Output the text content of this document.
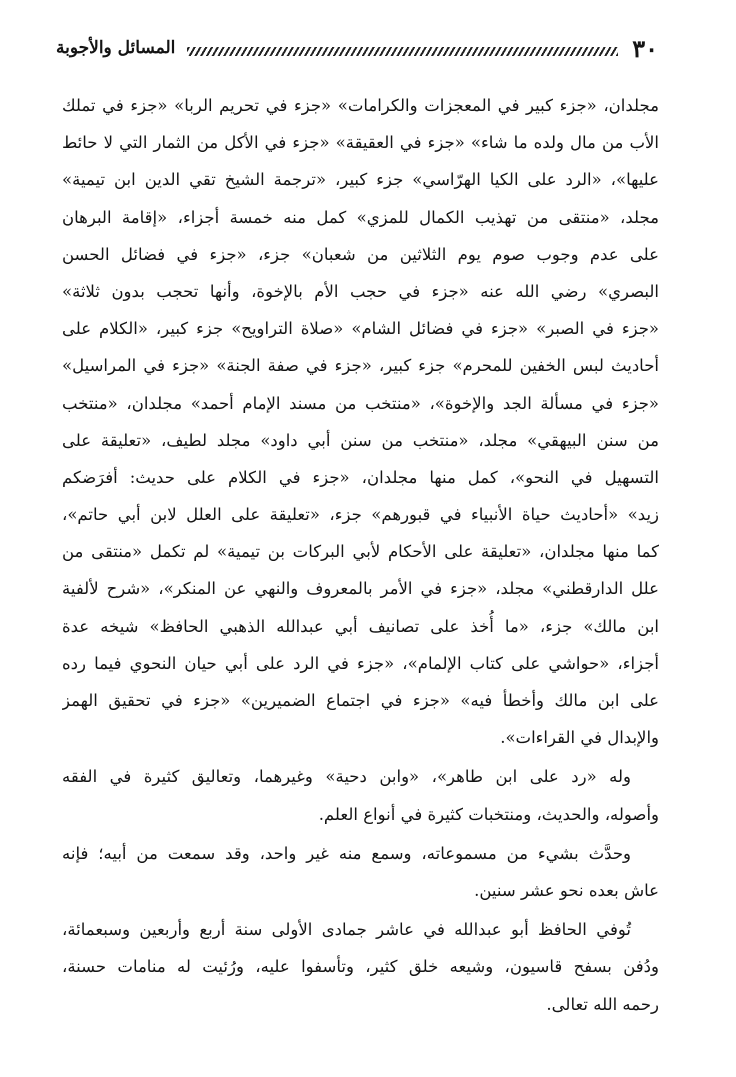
٣٠
المسائل والأجوبة
مجلدان، «جزء كبير في المعجزات والكرامات» «جزء في تحريم الربا» «جزء في تملك
الأب من مال ولده ما شاء» «جزء في العقيقة» «جزء في الأكل من الثمار التي لا حائط
عليها»، «الرد على الكيا الهرّاسي» جزء كبير، «ترجمة الشيخ تقي الدين ابن تيمية»
مجلد، «منتقى من تهذيب الكمال للمزي» كمل منه خمسة أجزاء، «إقامة البرهان
على عدم وجوب صوم يوم الثلاثين من شعبان» جزء، «جزء في فضائل الحسن
البصري» رضي الله عنه «جزء في حجب الأم بالإخوة، وأنها تحجب بدون ثلاثة»
«جزء في الصبر» «جزء في فضائل الشام» «صلاة التراويح» جزء كبير، «الكلام على
أحاديث لبس الخفين للمحرم» جزء كبير، «جزء في صفة الجنة» «جزء في المراسيل»
«جزء في مسألة الجد والإخوة»، «منتخب من مسند الإمام أحمد» مجلدان، «منتخب
من سنن البيهقي» مجلد، «منتخب من سنن أبي داود» مجلد لطيف، «تعليقة على
التسهيل في النحو»، كمل منها مجلدان، «جزء في الكلام على حديث: أفرَضكم
زيد» «أحاديث حياة الأنبياء في قبورهم» جزء، «تعليقة على العلل لابن أبي حاتم»،
كما منها مجلدان، «تعليقة على الأحكام لأبي البركات بن تيمية» لم تكمل «منتقى من
علل الدارقطني» مجلد، «جزء في الأمر بالمعروف والنهي عن المنكر»، «شرح لألفية
ابن مالك» جزء، «ما أُخذ على تصانيف أبي عبدالله الذهبي الحافظ» شيخه عدة
أجزاء، «حواشي على كتاب الإلمام»، «جزء في الرد على أبي حيان النحوي فيما رده
على ابن مالك وأخطأ فيه» «جزء في اجتماع الضميرين» «جزء في تحقيق الهمز
والإبدال في القراءات».
وله «رد على ابن طاهر»، «وابن دحية» وغيرهما، وتعاليق كثيرة في الفقه
وأصوله، والحديث، ومنتخبات كثيرة في أنواع العلم.
وحدَّث بشيء من مسموعاته، وسمع منه غير واحد، وقد سمعت من أبيه؛ فإنه
عاش بعده نحو عشر سنين.
تُوفي الحافظ أبو عبدالله في عاشر جمادى الأولى سنة أربع وأربعين وسبعمائة،
ودُفن بسفح قاسيون، وشيعه خلق كثير، وتأسفوا عليه، ورُئيت له منامات حسنة،
رحمه الله تعالى.
